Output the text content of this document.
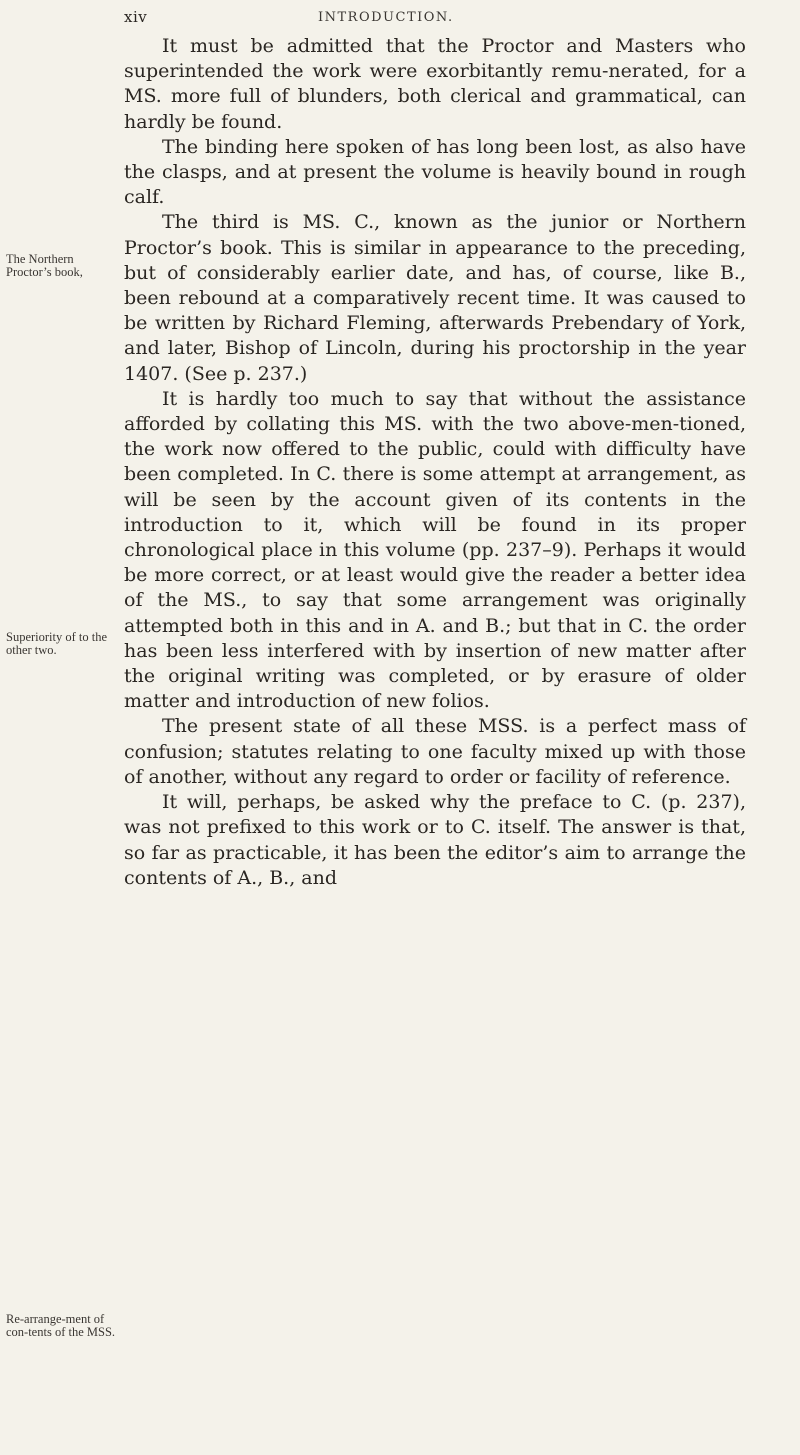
xiv	INTRODUCTION.
The Northern Proctor’s book,
Superiority of to the other two.
Re-arrange-ment of con-tents of the MSS.

It must be admitted that the Proctor and Masters who superintended the work were exorbitantly remu-nerated, for a MS. more full of blunders, both clerical and grammatical, can hardly be found.

The binding here spoken of has long been lost, as also have the clasps, and at present the volume is heavily bound in rough calf.

The third is MS. C., known as the junior or Northern Proctor’s book. This is similar in appearance to the preceding, but of considerably earlier date, and has, of course, like B., been rebound at a comparatively recent time. It was caused to be written by Richard Fleming, afterwards Prebendary of York, and later, Bishop of Lincoln, during his proctorship in the year 1407. (See p. 237.)

It is hardly too much to say that without the assistance afforded by collating this MS. with the two above-men-tioned, the work now offered to the public, could with difficulty have been completed. In C. there is some attempt at arrangement, as will be seen by the account given of its contents in the introduction to it, which will be found in its proper chronological place in this volume (pp. 237–9). Perhaps it would be more correct, or at least would give the reader a better idea of the MS., to say that some arrangement was originally attempted both in this and in A. and B.; but that in C. the order has been less interfered with by insertion of new matter after the original writing was completed, or by erasure of older matter and introduction of new folios.

The present state of all these MSS. is a perfect mass of confusion; statutes relating to one faculty mixed up with those of another, without any regard to order or facility of reference.

It will, perhaps, be asked why the preface to C. (p. 237), was not prefixed to this work or to C. itself. The answer is that, so far as practicable, it has been the editor’s aim to arrange the contents of A., B., and
